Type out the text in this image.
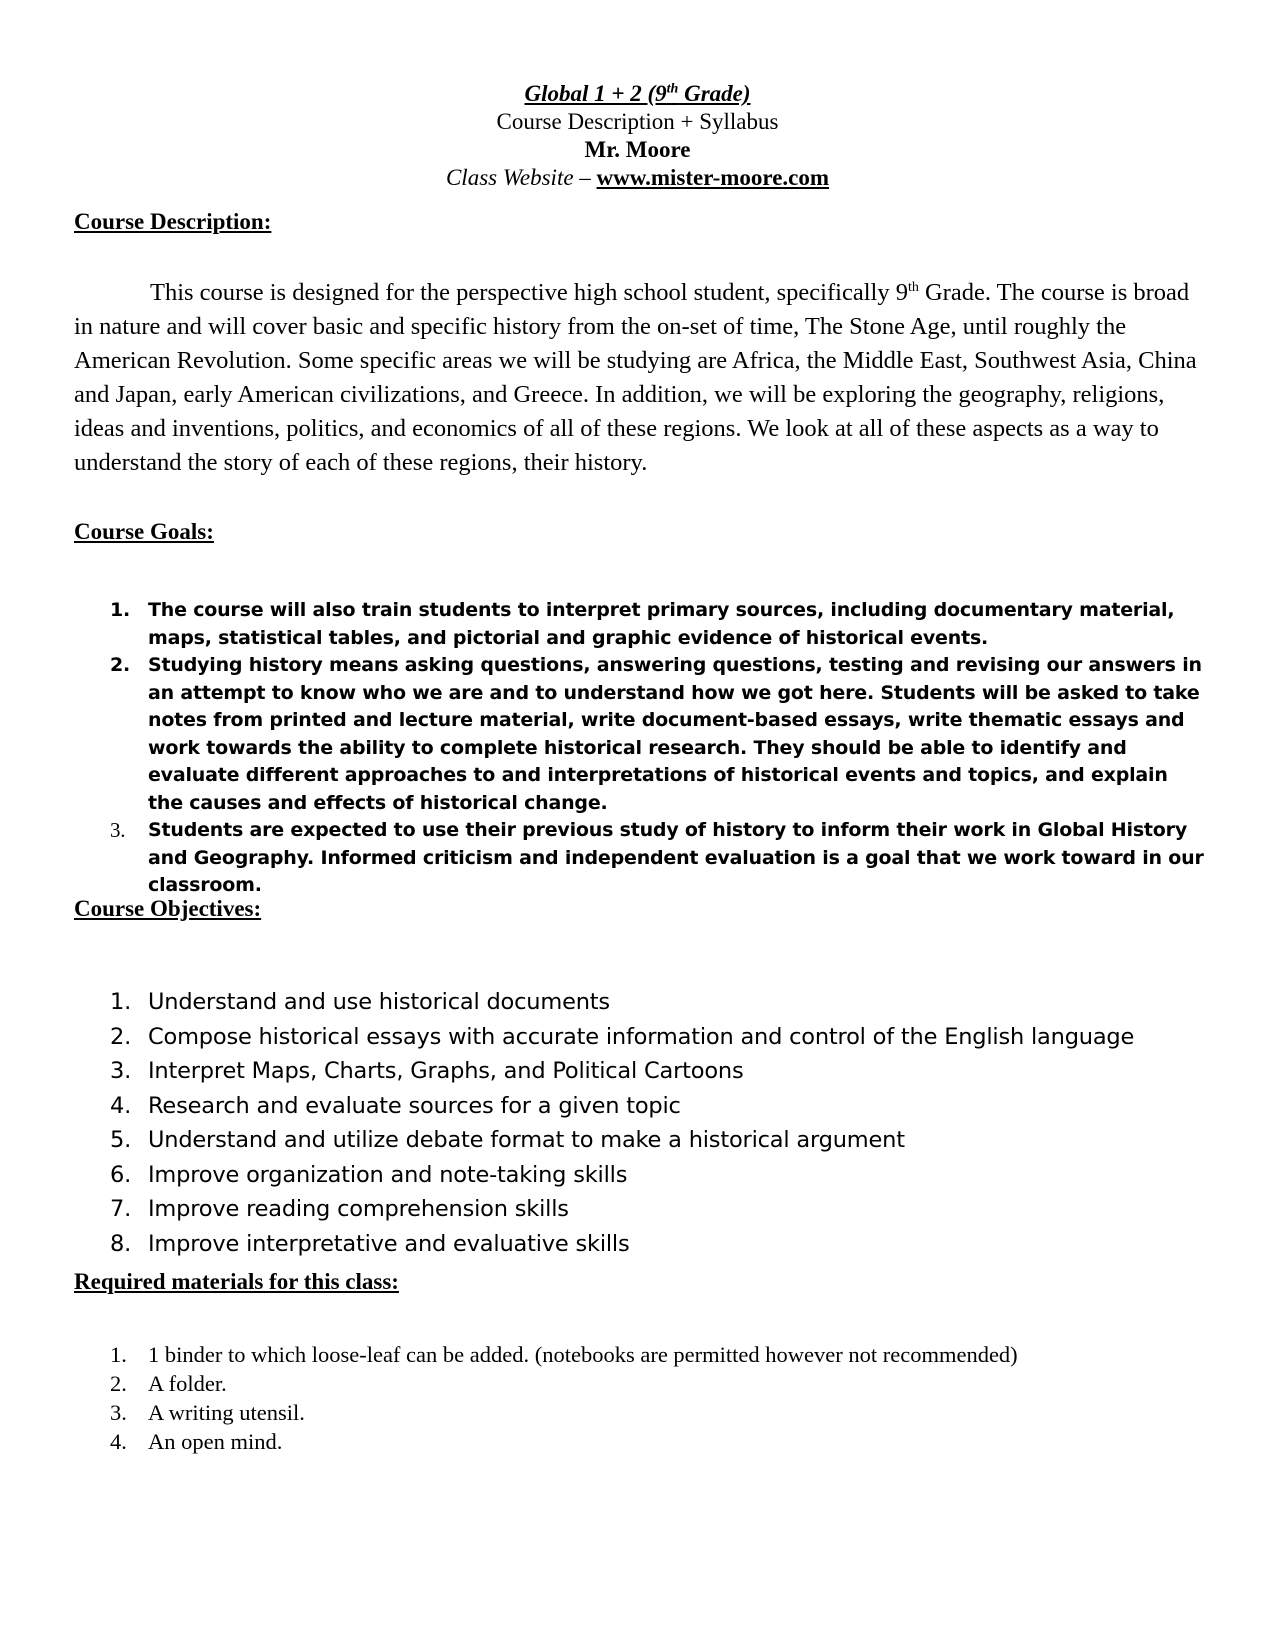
Global 1 + 2 (9th Grade)
Course Description + Syllabus
Mr. Moore
Class Website – www.mister-moore.com
Course Description:
This course is designed for the perspective high school student, specifically 9th Grade. The course is broad in nature and will cover basic and specific history from the on-set of time, The Stone Age, until roughly the American Revolution. Some specific areas we will be studying are Africa, the Middle East, Southwest Asia, China and Japan, early American civilizations, and Greece. In addition, we will be exploring the geography, religions, ideas and inventions, politics, and economics of all of these regions. We look at all of these aspects as a way to understand the story of each of these regions, their history.
Course Goals:
1. The course will also train students to interpret primary sources, including documentary material, maps, statistical tables, and pictorial and graphic evidence of historical events.
2. Studying history means asking questions, answering questions, testing and revising our answers in an attempt to know who we are and to understand how we got here. Students will be asked to take notes from printed and lecture material, write document-based essays, write thematic essays and work towards the ability to complete historical research. They should be able to identify and evaluate different approaches to and interpretations of historical events and topics, and explain the causes and effects of historical change.
3. Students are expected to use their previous study of history to inform their work in Global History and Geography. Informed criticism and independent evaluation is a goal that we work toward in our classroom.
Course Objectives:
1. Understand and use historical documents
2. Compose historical essays with accurate information and control of the English language
3. Interpret Maps, Charts, Graphs, and Political Cartoons
4. Research and evaluate sources for a given topic
5. Understand and utilize debate format to make a historical argument
6. Improve organization and note-taking skills
7. Improve reading comprehension skills
8. Improve interpretative and evaluative skills
Required materials for this class:
1. 1 binder to which loose-leaf can be added. (notebooks are permitted however not recommended)
2. A folder.
3. A writing utensil.
4. An open mind.
